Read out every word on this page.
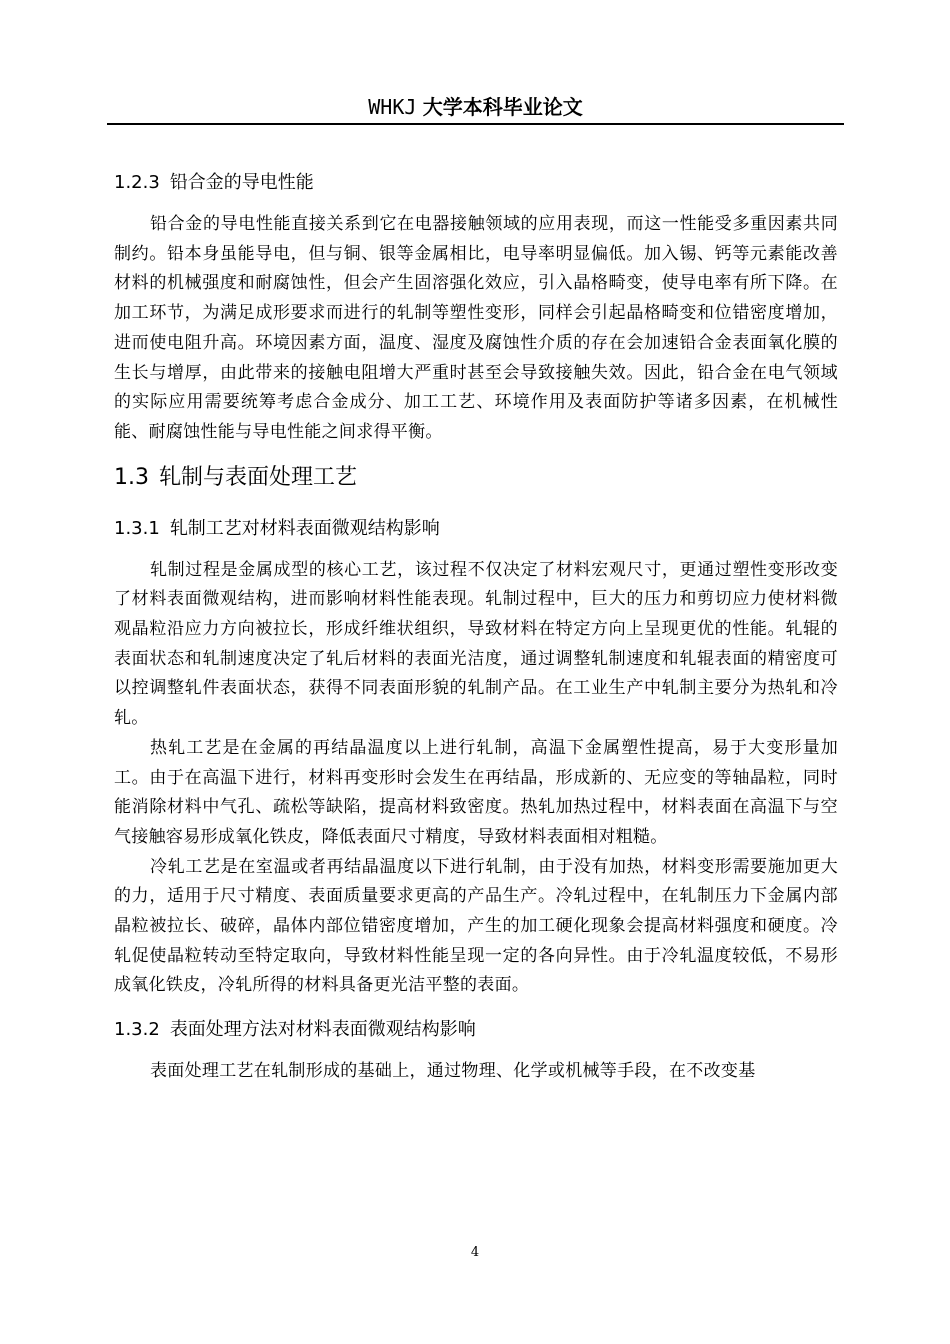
WHKJ 大学本科毕业论文
1.2.3 铅合金的导电性能

铅合金的导电性能直接关系到它在电器接触领域的应用表现，而这一性能受多重因素共同制约。铅本身虽能导电，但与铜、银等金属相比，电导率明显偏低。加入锡、钙等元素能改善材料的机械强度和耐腐蚀性，但会产生固溶强化效应，引入晶格畸变，使导电率有所下降。在加工环节，为满足成形要求而进行的轧制等塑性变形，同样会引起晶格畸变和位错密度增加，进而使电阻升高。环境因素方面，温度、湿度及腐蚀性介质的存在会加速铅合金表面氧化膜的生长与增厚，由此带来的接触电阻增大严重时甚至会导致接触失效。因此，铅合金在电气领域的实际应用需要统筹考虑合金成分、加工工艺、环境作用及表面防护等诸多因素，在机械性能、耐腐蚀性能与导电性能之间求得平衡。

1.3 轧制与表面处理工艺
1.3.1 轧制工艺对材料表面微观结构影响

轧制过程是金属成型的核心工艺，该过程不仅决定了材料宏观尺寸，更通过塑性变形改变了材料表面微观结构，进而影响材料性能表现。轧制过程中，巨大的压力和剪切应力使材料微观晶粒沿应力方向被拉长，形成纤维状组织，导致材料在特定方向上呈现更优的性能。轧辊的表面状态和轧制速度决定了轧后材料的表面光洁度，通过调整轧制速度和轧辊表面的精密度可以控调整轧件表面状态，获得不同表面形貌的轧制产品。在工业生产中轧制主要分为热轧和冷轧。

热轧工艺是在金属的再结晶温度以上进行轧制，高温下金属塑性提高，易于大变形量加工。由于在高温下进行，材料再变形时会发生在再结晶，形成新的、无应变的等轴晶粒，同时能消除材料中气孔、疏松等缺陷，提高材料致密度。热轧加热过程中，材料表面在高温下与空气接触容易形成氧化铁皮，降低表面尺寸精度，导致材料表面相对粗糙。

冷轧工艺是在室温或者再结晶温度以下进行轧制，由于没有加热，材料变形需要施加更大的力，适用于尺寸精度、表面质量要求更高的产品生产。冷轧过程中，在轧制压力下金属内部晶粒被拉长、破碎，晶体内部位错密度增加，产生的加工硬化现象会提高材料强度和硬度。冷轧促使晶粒转动至特定取向，导致材料性能呈现一定的各向异性。由于冷轧温度较低，不易形成氧化铁皮，冷轧所得的材料具备更光洁平整的表面。

1.3.2 表面处理方法对材料表面微观结构影响

表面处理工艺在轧制形成的基础上，通过物理、化学或机械等手段，在不改变基

4
